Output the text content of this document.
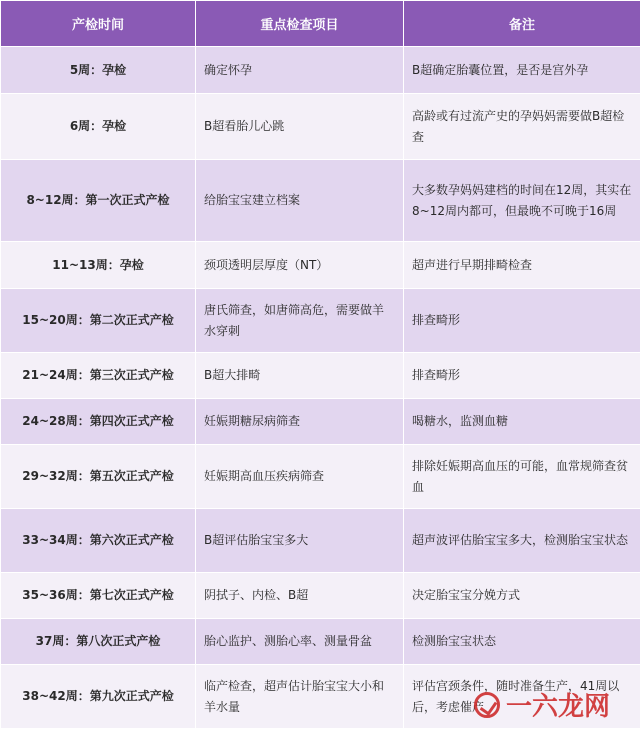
产检时间	重点检查项目	备注
5周：孕检	确定怀孕	B超确定胎囊位置，是否是宫外孕
6周：孕检	B超看胎儿心跳	高龄或有过流产史的孕妈妈需要做B超检查
8~12周：第一次正式产检	给胎宝宝建立档案	大多数孕妈妈建档的时间在12周，其实在8~12周内都可，但最晚不可晚于16周
11~13周：孕检	颈项透明层厚度（NT）	超声进行早期排畸检查
15~20周：第二次正式产检	唐氏筛查，如唐筛高危，需要做羊水穿刺	排查畸形
21~24周：第三次正式产检	B超大排畸	排查畸形
24~28周：第四次正式产检	妊娠期糖尿病筛查	喝糖水，监测血糖
29~32周：第五次正式产检	妊娠期高血压疾病筛查	排除妊娠期高血压的可能，血常规筛查贫血
33~34周：第六次正式产检	B超评估胎宝宝多大	超声波评估胎宝宝多大，检测胎宝宝状态
35~36周：第七次正式产检	阴拭子、内检、B超	决定胎宝宝分娩方式
37周：第八次正式产检	胎心监护、测胎心率、测量骨盆	检测胎宝宝状态
38~42周：第九次正式产检	临产检查，超声估计胎宝宝大小和羊水量	评估宫颈条件，随时准备生产，41周以后，考虑催产 一六龙网
